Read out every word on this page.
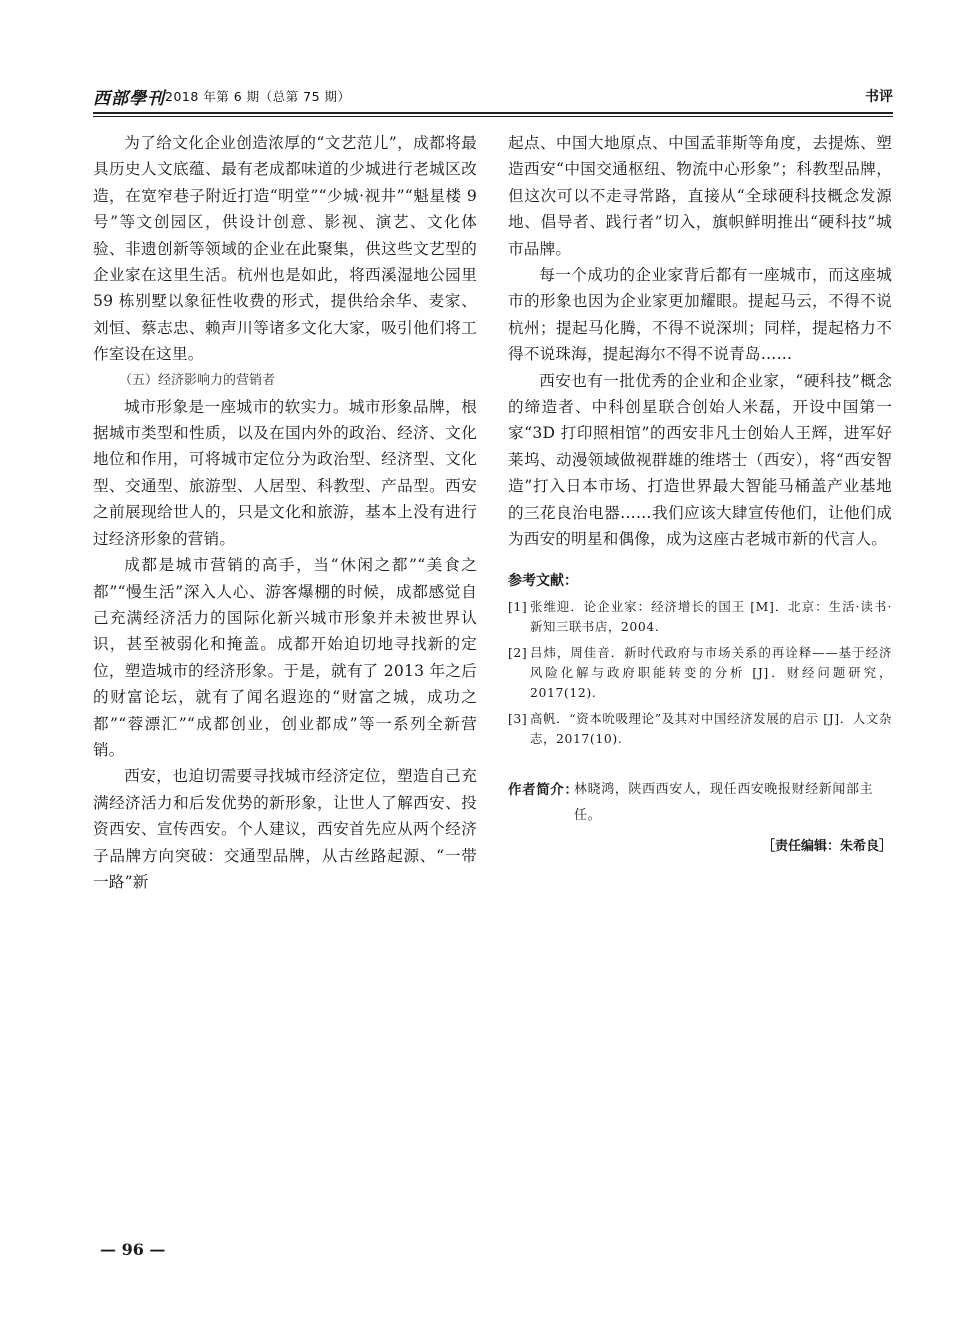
西部學刊 2018 年第 6 期（总第 75 期）	书评

为了给文化企业创造浓厚的“文艺范儿”，成都将最具历史人文底蕴、最有老成都味道的少城进行老城区改造，在宽窄巷子附近打造“明堂”“少城·视井”“魁星楼 9 号”等文创园区，供设计创意、影视、演艺、文化体验、非遗创新等领域的企业在此聚集，供这些文艺型的企业家在这里生活。杭州也是如此，将西溪湿地公园里 59 栋别墅以象征性收费的形式，提供给余华、麦家、刘恒、蔡志忠、赖声川等诸多文化大家，吸引他们将工作室设在这里。

（五）经济影响力的营销者

城市形象是一座城市的软实力。城市形象品牌，根据城市类型和性质，以及在国内外的政治、经济、文化地位和作用，可将城市定位分为政治型、经济型、文化型、交通型、旅游型、人居型、科教型、产品型。西安之前展现给世人的，只是文化和旅游，基本上没有进行过经济形象的营销。

成都是城市营销的高手，当“休闲之都”“美食之都”“慢生活”深入人心、游客爆棚的时候，成都感觉自己充满经济活力的国际化新兴城市形象并未被世界认识，甚至被弱化和掩盖。成都开始迫切地寻找新的定位，塑造城市的经济形象。于是，就有了 2013 年之后的财富论坛，就有了闻名遐迩的“财富之城，成功之都”“蓉漂汇”“成都创业，创业都成”等一系列全新营销。

西安，也迫切需要寻找城市经济定位，塑造自己充满经济活力和后发优势的新形象，让世人了解西安、投资西安、宣传西安。个人建议，西安首先应从两个经济子品牌方向突破：交通型品牌，从古丝路起源、“一带一路”新

起点、中国大地原点、中国孟菲斯等角度，去提炼、塑造西安“中国交通枢纽、物流中心形象”；科教型品牌，但这次可以不走寻常路，直接从“全球硬科技概念发源地、倡导者、践行者”切入，旗帜鲜明推出“硬科技”城市品牌。

每一个成功的企业家背后都有一座城市，而这座城市的形象也因为企业家更加耀眼。提起马云，不得不说杭州；提起马化腾，不得不说深圳；同样，提起格力不得不说珠海，提起海尔不得不说青岛……

西安也有一批优秀的企业和企业家，“硬科技”概念的缔造者、中科创星联合创始人米磊，开设中国第一家“3D 打印照相馆”的西安非凡士创始人王辉，进军好莱坞、动漫领域做视群雄的维塔士（西安），将“西安智造”打入日本市场、打造世界最大智能马桶盖产业基地的三花良治电器……我们应该大肆宣传他们，让他们成为西安的明星和偶像，成为这座古老城市新的代言人。

参考文献：
[1] 张维迎．论企业家：经济增长的国王 [M]．北京：生活·读书·新知三联书店，2004.
[2] 吕炜，周佳音．新时代政府与市场关系的再诠释——基于经济风险化解与政府职能转变的分析 [J]．财经问题研究，2017(12).
[3] 高帆．“资本吮吸理论”及其对中国经济发展的启示 [J]．人文杂志，2017(10).
作者简介：
林晓鸿，陕西西安人，现任西安晚报财经新闻部主任。
［责任编辑：朱希良］
— 96 —
